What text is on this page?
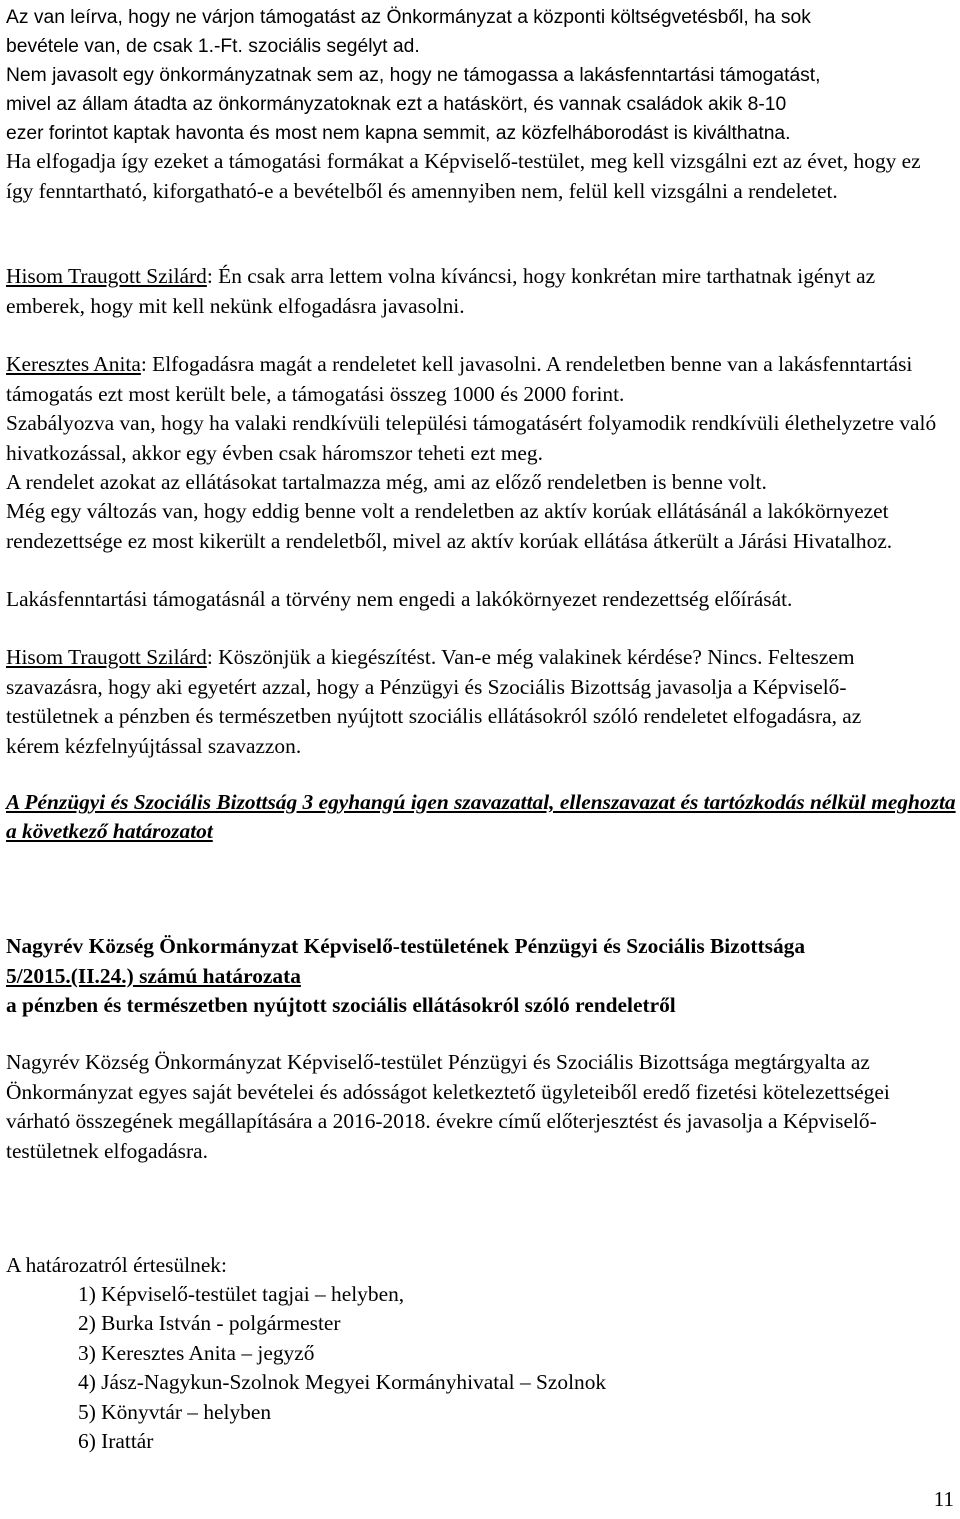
Az van leírva, hogy ne várjon támogatást az Önkormányzat a központi költségvetésből, ha sok
bevétele van, de csak 1.-Ft. szociális segélyt ad.
Nem javasolt egy önkormányzatnak sem az, hogy ne támogassa a lakásfenntartási támogatást,
mivel az állam átadta az önkormányzatoknak ezt a hatáskört, és vannak családok akik 8-10
ezer forintot kaptak havonta és most nem kapna semmit, az közfelháborodást is kiválthatna.

Ha elfogadja így ezeket a támogatási formákat a Képviselő-testület, meg kell vizsgálni ezt az évet, hogy ez így fenntartható, kiforgatható-e a bevételből és amennyiben nem, felül kell vizsgálni a rendeletet.

Hisom Traugott Szilárd: Én csak arra lettem volna kíváncsi, hogy konkrétan mire tarthatnak igényt az emberek, hogy mit kell nekünk elfogadásra javasolni.

Keresztes Anita: Elfogadásra magát a rendeletet kell javasolni. A rendeletben benne van a lakásfenntartási támogatás ezt most került bele, a támogatási összeg 1000 és 2000 forint.

Szabályozva van, hogy ha valaki rendkívüli települési támogatásért folyamodik rendkívüli élethelyzetre való hivatkozással, akkor egy évben csak háromszor teheti ezt meg.

A rendelet azokat az ellátásokat tartalmazza még, ami az előző rendeletben is benne volt.

Még egy változás van, hogy eddig benne volt a rendeletben az aktív korúak ellátásánál a lakókörnyezet rendezettsége ez most kikerült a rendeletből, mivel az aktív korúak ellátása átkerült a Járási Hivatalhoz.

Lakásfenntartási támogatásnál a törvény nem engedi a lakókörnyezet rendezettség előírását.

Hisom Traugott Szilárd: Köszönjük a kiegészítést. Van-e még valakinek kérdése? Nincs. Felteszem szavazásra, hogy aki egyetért azzal, hogy a Pénzügyi és Szociális Bizottság javasolja a Képviselő-testületnek a pénzben és természetben nyújtott szociális ellátásokról szóló rendeletet elfogadásra, az kérem kézfelnyújtással szavazzon.

A Pénzügyi és Szociális Bizottság 3 egyhangú igen szavazattal, ellenszavazat és tartózkodás nélkül meghozta a következő határozatot

Nagyrév Község Önkormányzat Képviselő-testületének Pénzügyi és Szociális Bizottsága
5/2015.(II.24.) számú határozata
a pénzben és természetben nyújtott szociális ellátásokról szóló rendeletről

Nagyrév Község Önkormányzat Képviselő-testület Pénzügyi és Szociális Bizottsága megtárgyalta az Önkormányzat egyes saját bevételei és adósságot keletkeztető ügyleteiből eredő fizetési kötelezettségei várható összegének megállapítására a 2016-2018. évekre című előterjesztést és javasolja a Képviselő-testületnek elfogadásra.

A határozatról értesülnek:

1) Képviselő-testület tagjai – helyben,
2) Burka István - polgármester
3) Keresztes Anita – jegyző
4) Jász-Nagykun-Szolnok Megyei Kormányhivatal – Szolnok
5) Könyvtár – helyben
6) Irattár
11
